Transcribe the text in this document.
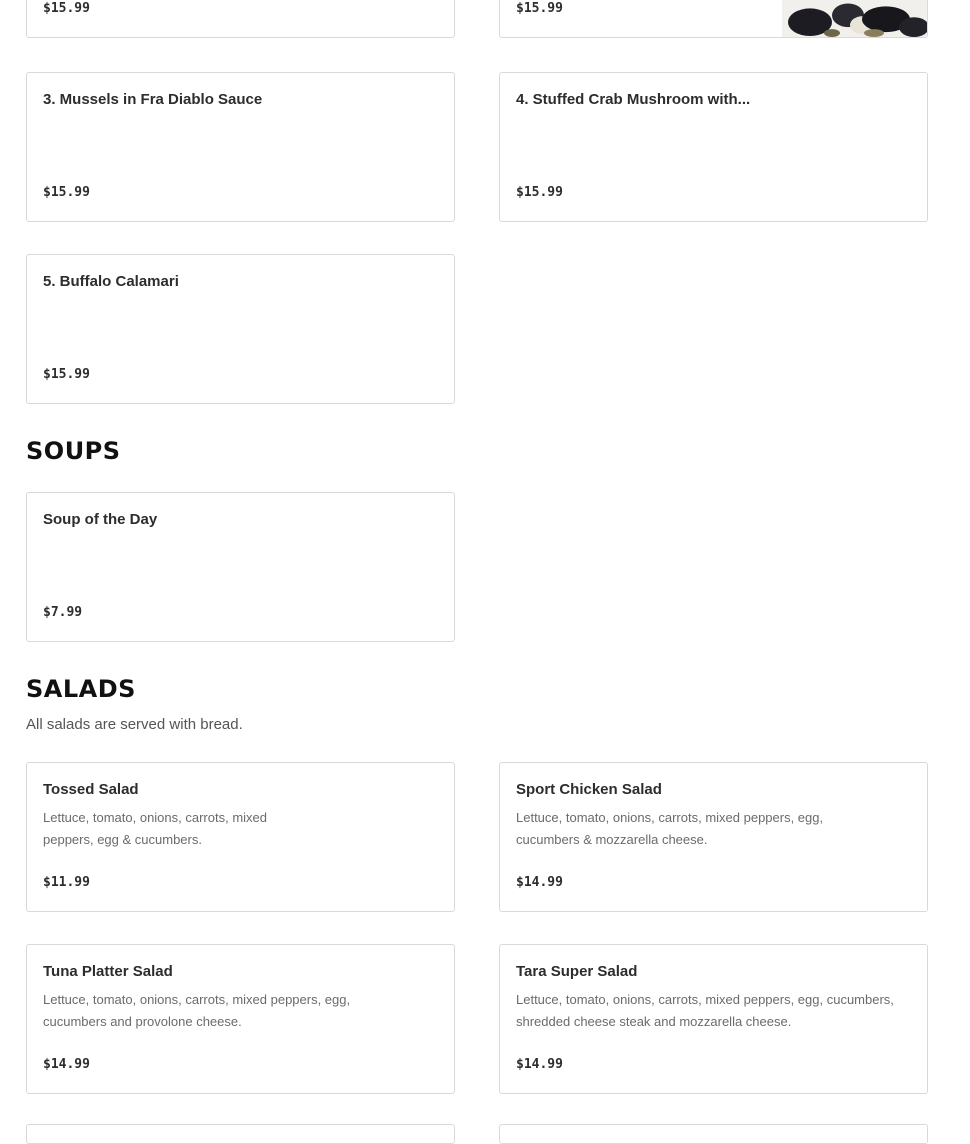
$15.99	$15.99
3. Mussels in Fra Diablo Sauce
$15.99
4. Stuffed Crab Mushroom with...
$15.99
5. Buffalo Calamari
$15.99
SOUPS
Soup of the Day
$7.99
SALADS

All salads are served with bread.

Tossed Salad
Lettuce, tomato, onions, carrots, mixed peppers, egg & cucumbers.
$11.99
Sport Chicken Salad
Lettuce, tomato, onions, carrots, mixed peppers, egg, cucumbers & mozzarella cheese.
$14.99
Tuna Platter Salad
Lettuce, tomato, onions, carrots, mixed peppers, egg, cucumbers and provolone cheese.
$14.99
Tara Super Salad
Lettuce, tomato, onions, carrots, mixed peppers, egg, cucumbers, shredded cheese steak and mozzarella cheese.
$14.99
